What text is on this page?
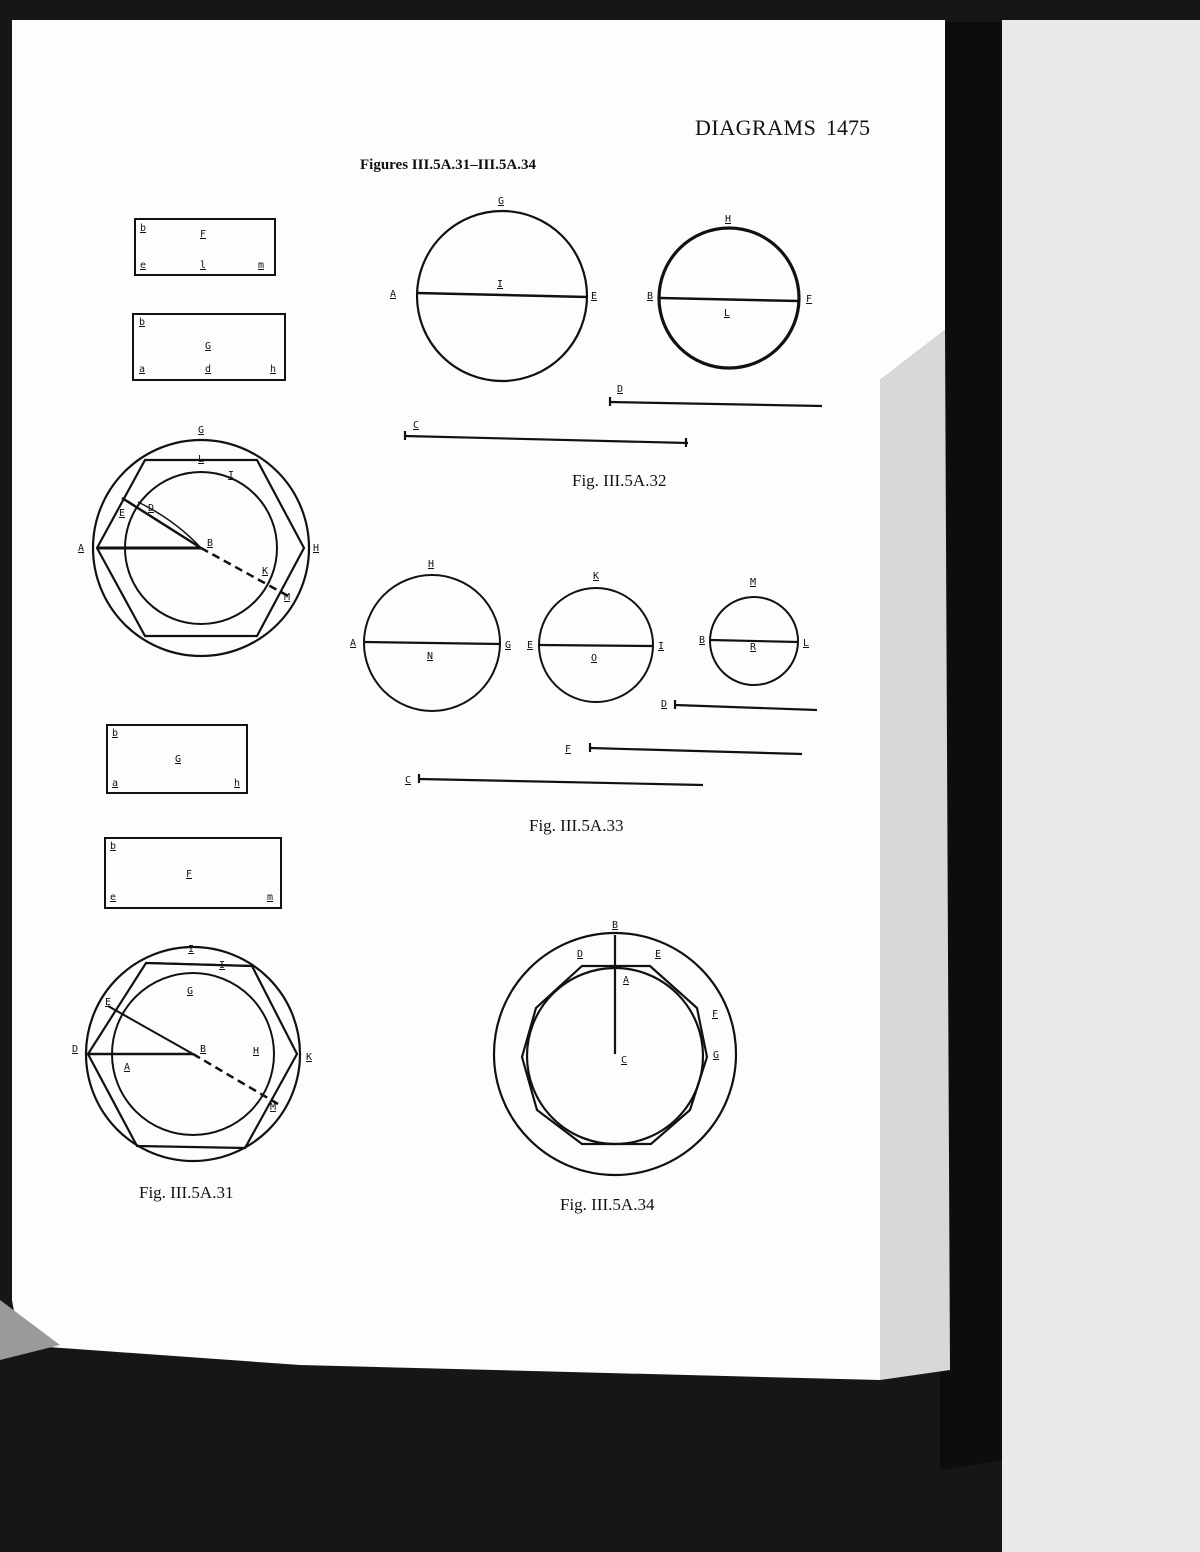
b
F
e	l	m
b
G
a	d	h
G
L
I
E D
A	B	H
K
M
b
G
a	h
b
F
e	m
I
I
G
E
D
A
B	H
K
M
G
I
A	E
H
B	F
L
D
C
H
A	G
N
K
E	I
O
M
B	L
R
D
F
C
B
D	E
A
F
G
C
DIAGRAMS 1475
Figures III.5A.31–III.5A.34
Fig. III.5A.31
Fig. III.5A.32
Fig. III.5A.33
Fig. III.5A.34
